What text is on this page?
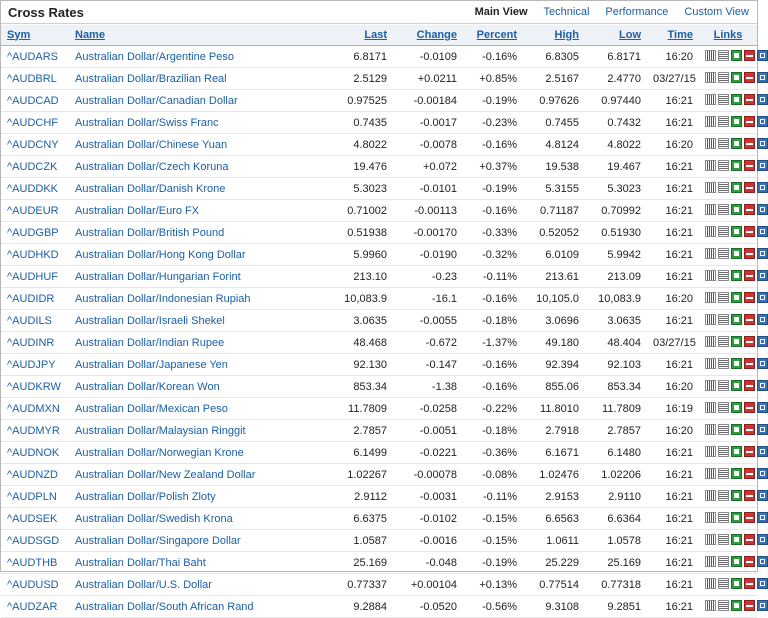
Cross Rates	Main View Technical Performance Custom View
Sym	Name	Last	Change	Percent	High	Low	Time	Links
^AUDARS	Australian Dollar/Argentine Peso	6.8171	-0.0109	-0.16%	6.8305	6.8171	16:20	

^AUDBRL	Australian Dollar/Brazilian Real	2.5129	+0.0211	+0.85%	2.5167	2.4770	03/27/15	

^AUDCAD	Australian Dollar/Canadian Dollar	0.97525	-0.00184	-0.19%	0.97626	0.97440	16:21	

^AUDCHF	Australian Dollar/Swiss Franc	0.7435	-0.0017	-0.23%	0.7455	0.7432	16:21	

^AUDCNY	Australian Dollar/Chinese Yuan	4.8022	-0.0078	-0.16%	4.8124	4.8022	16:20	

^AUDCZK	Australian Dollar/Czech Koruna	19.476	+0.072	+0.37%	19.538	19.467	16:21	

^AUDDKK	Australian Dollar/Danish Krone	5.3023	-0.0101	-0.19%	5.3155	5.3023	16:21	

^AUDEUR	Australian Dollar/Euro FX	0.71002	-0.00113	-0.16%	0.71187	0.70992	16:21	

^AUDGBP	Australian Dollar/British Pound	0.51938	-0.00170	-0.33%	0.52052	0.51930	16:21	

^AUDHKD	Australian Dollar/Hong Kong Dollar	5.9960	-0.0190	-0.32%	6.0109	5.9942	16:21	

^AUDHUF	Australian Dollar/Hungarian Forint	213.10	-0.23	-0.11%	213.61	213.09	16:21	

^AUDIDR	Australian Dollar/Indonesian Rupiah	10,083.9	-16.1	-0.16%	10,105.0	10,083.9	16:20	

^AUDILS	Australian Dollar/Israeli Shekel	3.0635	-0.0055	-0.18%	3.0696	3.0635	16:21	

^AUDINR	Australian Dollar/Indian Rupee	48.468	-0.672	-1.37%	49.180	48.404	03/27/15	

^AUDJPY	Australian Dollar/Japanese Yen	92.130	-0.147	-0.16%	92.394	92.103	16:21	

^AUDKRW	Australian Dollar/Korean Won	853.34	-1.38	-0.16%	855.06	853.34	16:20	

^AUDMXN	Australian Dollar/Mexican Peso	11.7809	-0.0258	-0.22%	11.8010	11.7809	16:19	

^AUDMYR	Australian Dollar/Malaysian Ringgit	2.7857	-0.0051	-0.18%	2.7918	2.7857	16:20	

^AUDNOK	Australian Dollar/Norwegian Krone	6.1499	-0.0221	-0.36%	6.1671	6.1480	16:21	

^AUDNZD	Australian Dollar/New Zealand Dollar	1.02267	-0.00078	-0.08%	1.02476	1.02206	16:21	

^AUDPLN	Australian Dollar/Polish Zloty	2.9112	-0.0031	-0.11%	2.9153	2.9110	16:21	

^AUDSEK	Australian Dollar/Swedish Krona	6.6375	-0.0102	-0.15%	6.6563	6.6364	16:21	

^AUDSGD	Australian Dollar/Singapore Dollar	1.0587	-0.0016	-0.15%	1.0611	1.0578	16:21	

^AUDTHB	Australian Dollar/Thai Baht	25.169	-0.048	-0.19%	25.229	25.169	16:21	

^AUDUSD	Australian Dollar/U.S. Dollar	0.77337	+0.00104	+0.13%	0.77514	0.77318	16:21	

^AUDZAR	Australian Dollar/South African Rand	9.2884	-0.0520	-0.56%	9.3108	9.2851	16:21	
